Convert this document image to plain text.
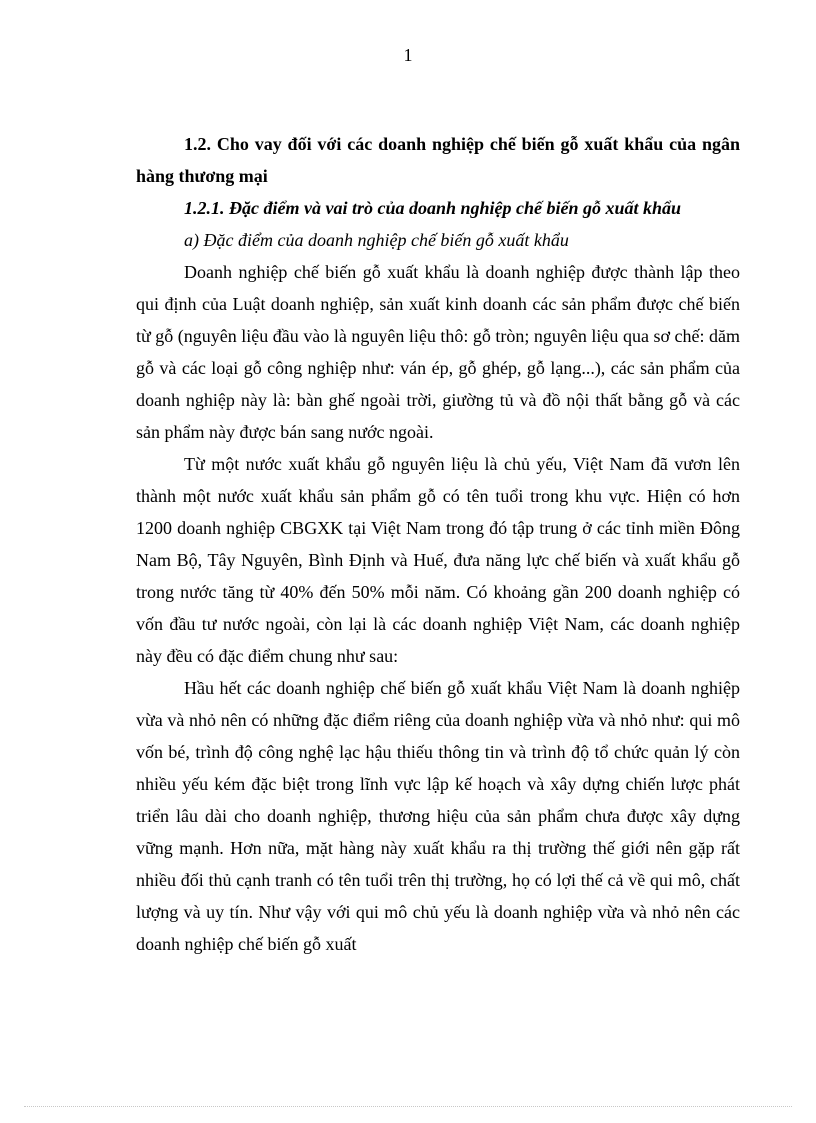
1

1.2. Cho vay đối với các doanh nghiệp chế biến gỗ xuất khẩu của ngân hàng thương mại

1.2.1. Đặc điểm và vai trò của doanh nghiệp chế biến gỗ xuất khẩu

a) Đặc điểm của doanh nghiệp chế biến gỗ xuất khẩu

Doanh nghiệp chế biến gỗ xuất khẩu là doanh nghiệp được thành lập theo qui định của Luật doanh nghiệp, sản xuất kinh doanh các sản phẩm được chế biến từ gỗ (nguyên liệu đầu vào là nguyên liệu thô: gỗ tròn; nguyên liệu qua sơ chế: dăm gỗ và các loại gỗ công nghiệp như: ván ép, gỗ ghép, gỗ lạng...), các sản phẩm của doanh nghiệp này là: bàn ghế ngoài trời, giường tủ và đồ nội thất bằng gỗ và các sản phẩm này được bán sang nước ngoài.

Từ một nước xuất khẩu gỗ nguyên liệu là chủ yếu, Việt Nam đã vươn lên thành một nước xuất khẩu sản phẩm gỗ có tên tuổi trong khu vực. Hiện có hơn 1200 doanh nghiệp CBGXK tại Việt Nam trong đó tập trung ở các tỉnh miền Đông Nam Bộ, Tây Nguyên, Bình Định và Huế, đưa năng lực chế biến và xuất khẩu gỗ trong nước tăng từ 40% đến 50% mỗi năm. Có khoảng gần 200 doanh nghiệp có vốn đầu tư nước ngoài, còn lại là các doanh nghiệp Việt Nam, các doanh nghiệp này đều có đặc điểm chung như sau:

Hầu hết các doanh nghiệp chế biến gỗ xuất khẩu Việt Nam là doanh nghiệp vừa và nhỏ nên có những đặc điểm riêng của doanh nghiệp vừa và nhỏ như: qui mô vốn bé, trình độ công nghệ lạc hậu thiếu thông tin và trình độ tổ chức quản lý còn nhiều yếu kém đặc biệt trong lĩnh vực lập kế hoạch và xây dựng chiến lược phát triển lâu dài cho doanh nghiệp, thương hiệu của sản phẩm chưa được xây dựng vững mạnh. Hơn nữa, mặt hàng này xuất khẩu ra thị trường thế giới nên gặp rất nhiều đối thủ cạnh tranh có tên tuổi trên thị trường, họ có lợi thế cả về qui mô, chất lượng và uy tín. Như vậy với qui mô chủ yếu là doanh nghiệp vừa và nhỏ nên các doanh nghiệp chế biến gỗ xuất
